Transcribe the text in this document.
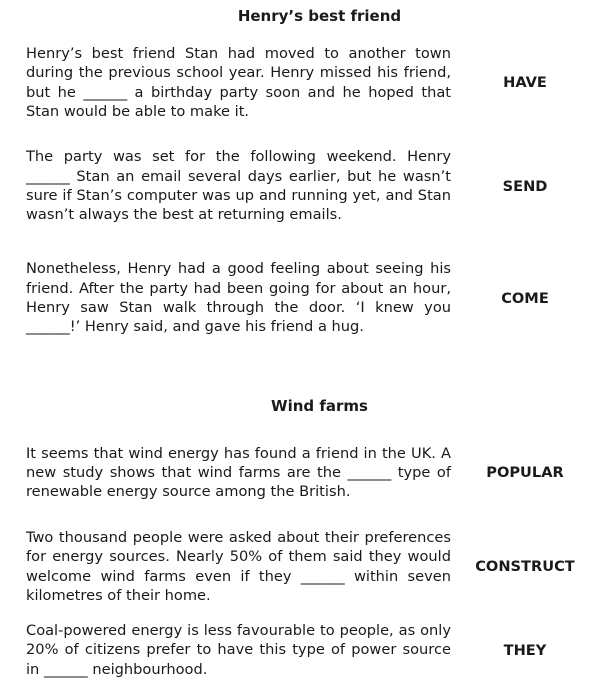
Henry’s best friend
Henry’s best friend Stan had moved to another town during the previous school year. Henry missed his friend, but he ______ a birthday party soon and he hoped that Stan would be able to make it.
HAVE
The party was set for the following weekend. Henry ______ Stan an email several days earlier, but he wasn’t sure if Stan’s computer was up and running yet, and Stan wasn’t always the best at returning emails.
SEND
Nonetheless, Henry had a good feeling about seeing his friend. After the party had been going for about an hour, Henry saw Stan walk through the door. ‘I knew you ______!’ Henry said, and gave his friend a hug.
COME
Wind farms
It seems that wind energy has found a friend in the UK. A new study shows that wind farms are the ______ type of renewable energy source among the British.
POPULAR
Two thousand people were asked about their preferences for energy sources. Nearly 50% of them said they would welcome wind farms even if they ______ within seven kilometres of their home.
CONSTRUCT
Coal-powered energy is less favourable to people, as only 20% of citizens prefer to have this type of power source in ______ neighbourhood.
THEY
